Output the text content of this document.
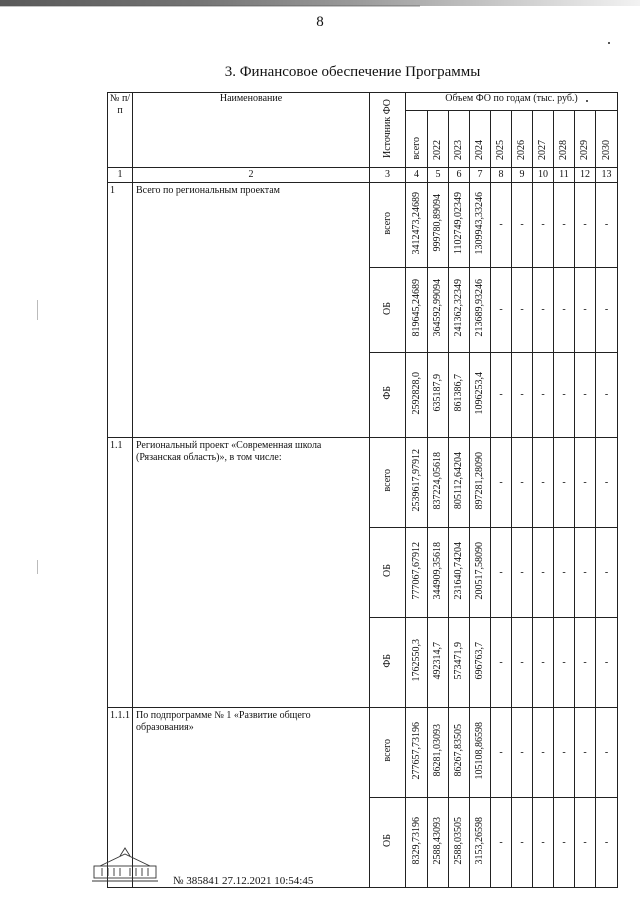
8
3. Финансовое обеспечение Программы
№ п/п	Наименование	Источник ФО	Объем ФО по годам (тыс. руб.)									
			всего	2022	2023	2024	2025	2026	2027	2028	2029	2030
1	2	3	4	5	6	7	8	9	10	11	12	13
1	Всего по региональным проектам	всего	3412473,24689	999780,89094	1102749,02349	1309943,33246	-	-	-	-	-	-
		ОБ	819645,24689	364592,99094	241362,32349	213689,93246	-	-	-	-	-	-
		ФБ	2592828,0	635187,9	861386,7	1096253,4	-	-	-	-	-	-
1.1	Региональный проект «Современная школа (Рязанская область)», в том числе:	всего	2539617,97912	837224,05618	805112,64204	897281,28090	-	-	-	-	-	-
		ОБ	777067,67912	344909,35618	231640,74204	200517,58090	-	-	-	-	-	-
		ФБ	1762550,3	492314,7	573471,9	696763,7	-	-	-	-	-	-
1.1.1	По подпрограмме № 1 «Развитие общего образования»	всего	277657,73196	86281,03093	86267,83505	105108,86598	-	-	-	-	-	-
		ОБ	8329,73196	2588,43093	2588,03505	3153,26598	-	-	-	-	-	-
№ 385841 27.12.2021 10:54:45
